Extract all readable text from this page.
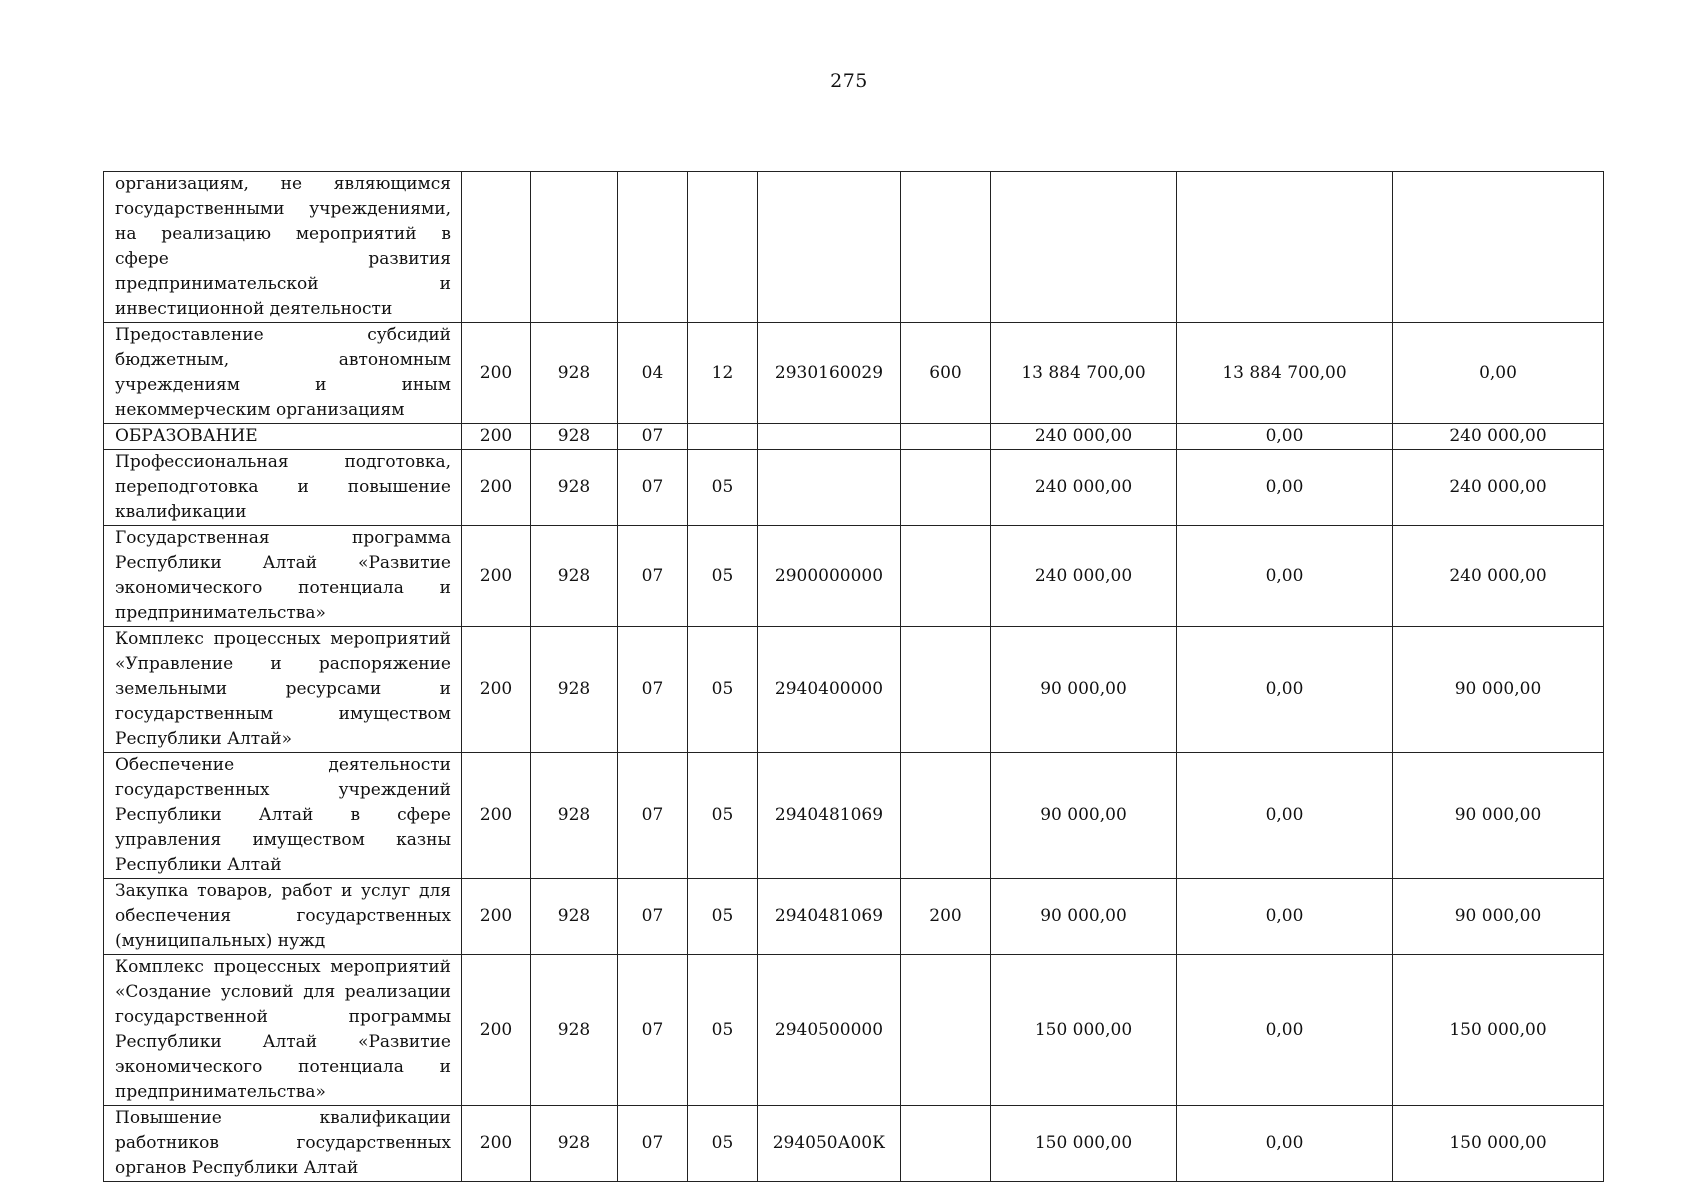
275
организациям, не являющимся государственными учреждениями, на реализацию мероприятий в сфере развития предпринимательской и инвестиционной деятельности									
Предоставление субсидий бюджетным, автономным учреждениям и иным некоммерческим организациям	200	928	04	12	2930160029	600	13 884 700,00	13 884 700,00	0,00
ОБРАЗОВАНИЕ	200	928	07				240 000,00	0,00	240 000,00
Профессиональная подготовка, переподготовка и повышение квалификации	200	928	07	05			240 000,00	0,00	240 000,00
Государственная программа Республики Алтай «Развитие экономического потенциала и предпринимательства»	200	928	07	05	2900000000		240 000,00	0,00	240 000,00
Комплекс процессных мероприятий «Управление и распоряжение земельными ресурсами и государственным имуществом Республики Алтай»	200	928	07	05	2940400000		90 000,00	0,00	90 000,00
Обеспечение деятельности государственных учреждений Республики Алтай в сфере управления имуществом казны Республики Алтай	200	928	07	05	2940481069		90 000,00	0,00	90 000,00
Закупка товаров, работ и услуг для обеспечения государственных (муниципальных) нужд	200	928	07	05	2940481069	200	90 000,00	0,00	90 000,00
Комплекс процессных мероприятий «Создание условий для реализации государственной программы Республики Алтай «Развитие экономического потенциала и предпринимательства»	200	928	07	05	2940500000		150 000,00	0,00	150 000,00
Повышение квалификации работников государственных органов Республики Алтай	200	928	07	05	294050А00К		150 000,00	0,00	150 000,00
